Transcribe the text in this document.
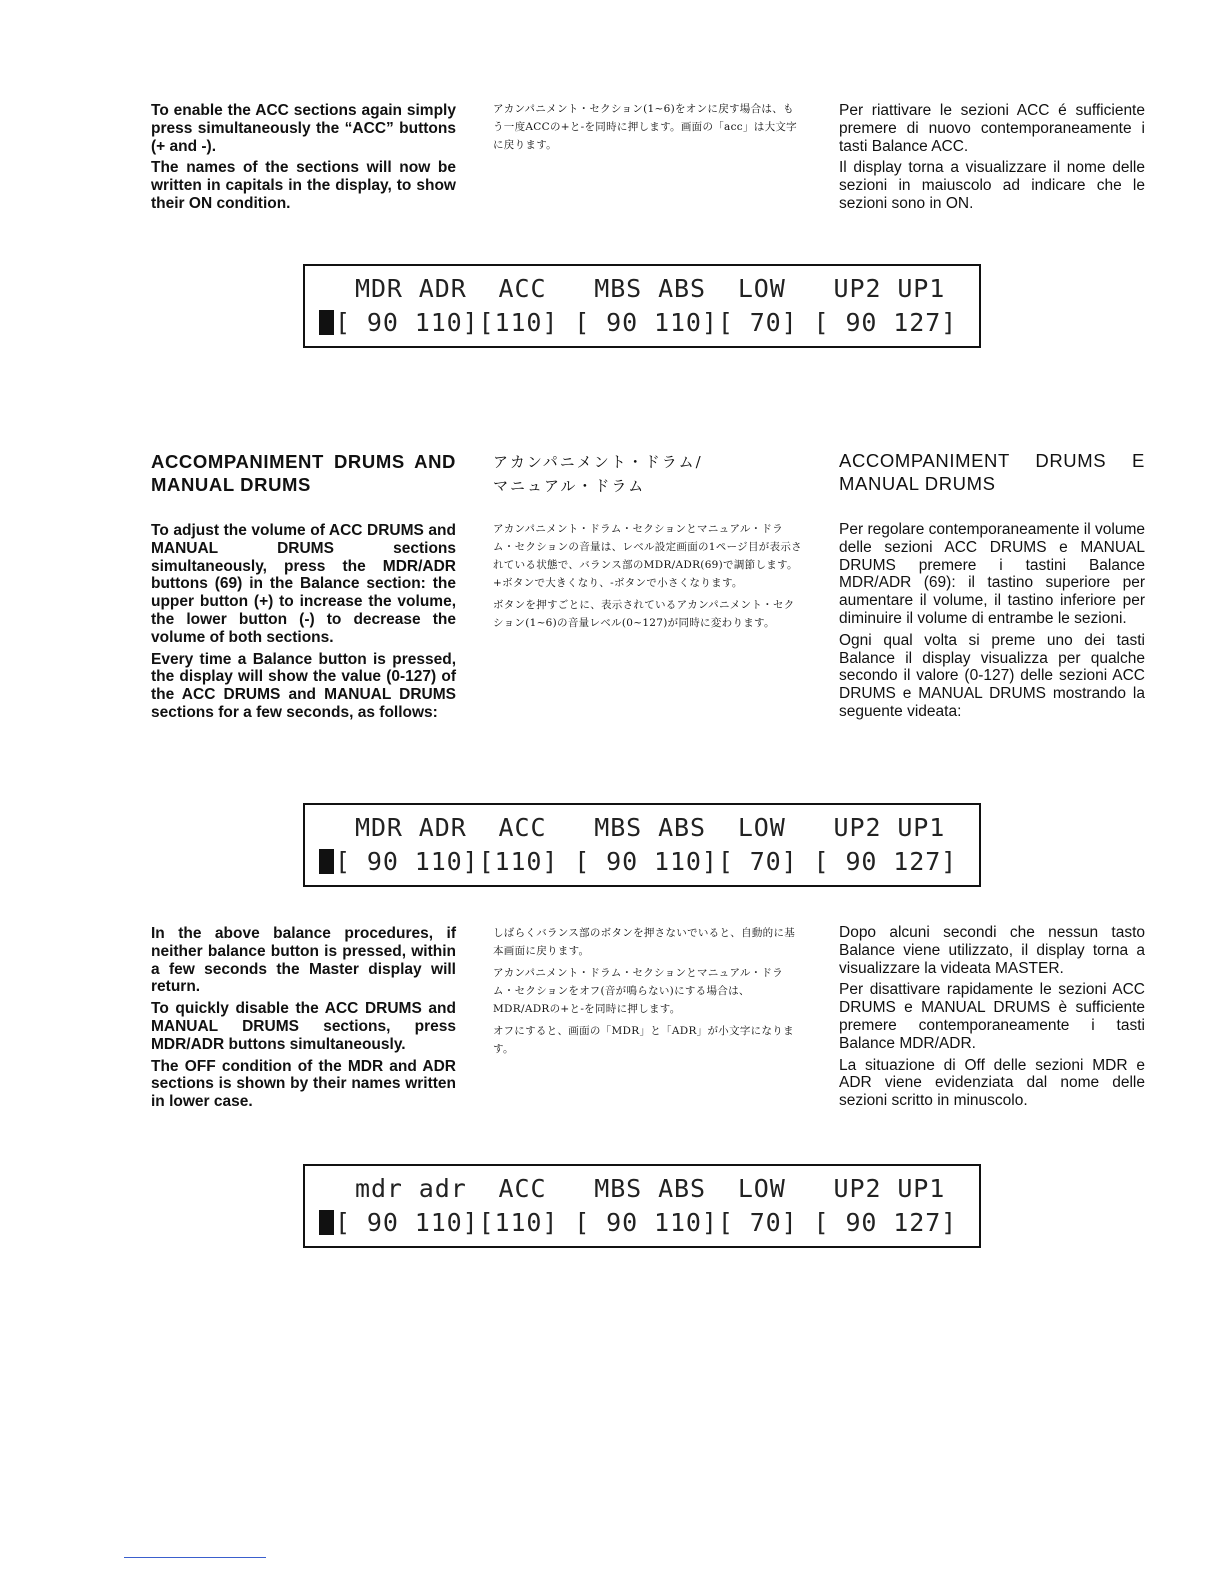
To enable the ACC sections again simply press simultaneously the “ACC” buttons (+ and -).

The names of the sections will now be written in capitals in the display, to show their ON condition.

アカンパニメント・セクション(1~6)をオンに戻す場合は、もう一度ACCの+と-を同時に押します。画面の「acc」は大文字に戻ります。

Per riattivare le sezioni ACC é sufficiente premere di nuovo contemporaneamente i tasti Balance ACC.

Il display torna a visualizzare il nome delle sezioni in maiuscolo ad indicare che le sezioni sono in ON.

MDR ADR  ACC   MBS ABS  LOW   UP2 UP1
[ 90 110][110] [ 90 110][ 70] [ 90 127]
ACCOMPANIMENT DRUMS AND MANUAL DRUMS

To adjust the volume of ACC DRUMS and MANUAL DRUMS sections simultaneously, press the MDR/ADR buttons (69) in the Balance section: the upper button (+) to increase the volume, the lower button (-) to decrease the volume of both sections.

Every time a Balance button is pressed, the display will show the value (0-127) of the ACC DRUMS and MANUAL DRUMS sections for a few seconds, as follows:

アカンパニメント・ドラム/ マニュアル・ドラム

アカンパニメント・ドラム・セクションとマニュアル・ドラム・セクションの音量は、レベル設定画面の1ページ目が表示されている状態で、バランス部のMDR/ADR(69)で調節します。+ボタンで大きくなり、-ボタンで小さくなります。

ボタンを押すごとに、表示されているアカンパニメント・セクション(1~6)の音量レベル(0~127)が同時に変わります。

ACCOMPANIMENT DRUMS E MANUAL DRUMS

Per regolare contemporaneamente il volume delle sezioni ACC DRUMS e MANUAL DRUMS premere i tastini Balance MDR/ADR (69): il tastino superiore per aumentare il volume, il tastino inferiore per diminuire il volume di entrambe le sezioni.

Ogni qual volta si preme uno dei tasti Balance il display visualizza per qualche secondo il valore (0-127) delle sezioni ACC DRUMS e MANUAL DRUMS mostrando la seguente videata:

MDR ADR  ACC   MBS ABS  LOW   UP2 UP1
[ 90 110][110] [ 90 110][ 70] [ 90 127]

In the above balance procedures, if neither balance button is pressed, within a few seconds the Master display will return.

To quickly disable the ACC DRUMS and MANUAL DRUMS sections, press MDR/ADR buttons simultaneously.

The OFF condition of the MDR and ADR sections is shown by their names written in lower case.

しばらくバランス部のボタンを押さないでいると、自動的に基本画面に戻ります。

アカンパニメント・ドラム・セクションとマニュアル・ドラム・セクションをオフ(音が鳴らない)にする場合は、MDR/ADRの+と-を同時に押します。

オフにすると、画面の「MDR」と「ADR」が小文字になります。

Dopo alcuni secondi che nessun tasto Balance viene utilizzato, il display torna a visualizzare la videata MASTER.

Per disattivare rapidamente le sezioni ACC DRUMS e MANUAL DRUMS è sufficiente premere contemporaneamente i tasti Balance MDR/ADR.

La situazione di Off delle sezioni MDR e ADR viene evidenziata dal nome delle sezioni scritto in minuscolo.

mdr adr  ACC   MBS ABS  LOW   UP2 UP1
[ 90 110][110] [ 90 110][ 70] [ 90 127]
